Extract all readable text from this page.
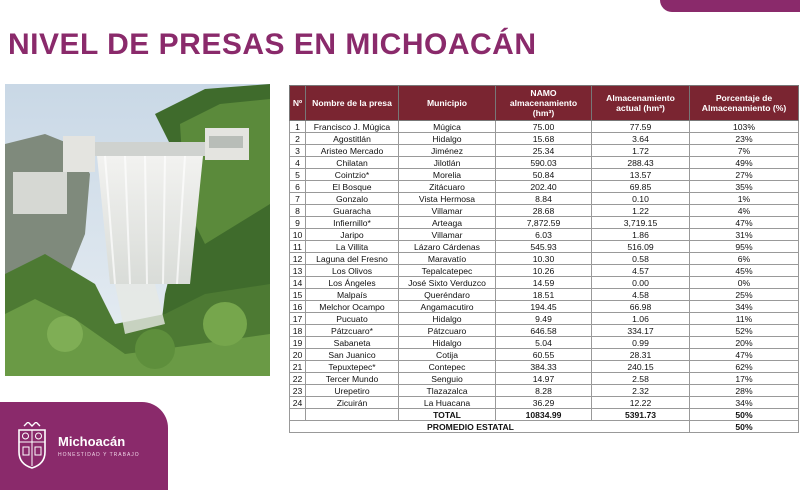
NIVEL DE PRESAS EN MICHOACÁN
Michoacán
HONESTIDAD Y TRABAJO
Nº	Nombre de la presa	Municipio	NAMO almacenamiento (hm³)	Almacenamiento actual (hm³)	Porcentaje de Almacenamiento (%)
1	Francisco J. Múgica	Múgica	75.00	77.59	103%
2	Agostitlán	Hidalgo	15.68	3.64	23%
3	Aristeo Mercado	Jiménez	25.34	1.72	7%
4	Chilatan	Jilotlán	590.03	288.43	49%
5	Cointzio*	Morelia	50.84	13.57	27%
6	El Bosque	Zitácuaro	202.40	69.85	35%
7	Gonzalo	Vista Hermosa	8.84	0.10	1%
8	Guaracha	Villamar	28.68	1.22	4%
9	Infiernillo*	Arteaga	7,872.59	3,719.15	47%
10	Jaripo	Villamar	6.03	1.86	31%
11	La Villita	Lázaro Cárdenas	545.93	516.09	95%
12	Laguna del Fresno	Maravatío	10.30	0.58	6%
13	Los Olivos	Tepalcatepec	10.26	4.57	45%
14	Los Ángeles	José Sixto Verduzco	14.59	0.00	0%
15	Malpaís	Queréndaro	18.51	4.58	25%
16	Melchor Ocampo	Angamacutiro	194.45	66.98	34%
17	Pucuato	Hidalgo	9.49	1.06	11%
18	Pátzcuaro*	Pátzcuaro	646.58	334.17	52%
19	Sabaneta	Hidalgo	5.04	0.99	20%
20	San Juanico	Cotija	60.55	28.31	47%
21	Tepuxtepec*	Contepec	384.33	240.15	62%
22	Tercer Mundo	Senguio	14.97	2.58	17%
23	Urepetiro	Tlazazalca	8.28	2.32	28%
24	Zicuirán	La Huacana	36.29	12.22	34%
		TOTAL	10834.99	5391.73	50%
PROMEDIO ESTATAL					50%
